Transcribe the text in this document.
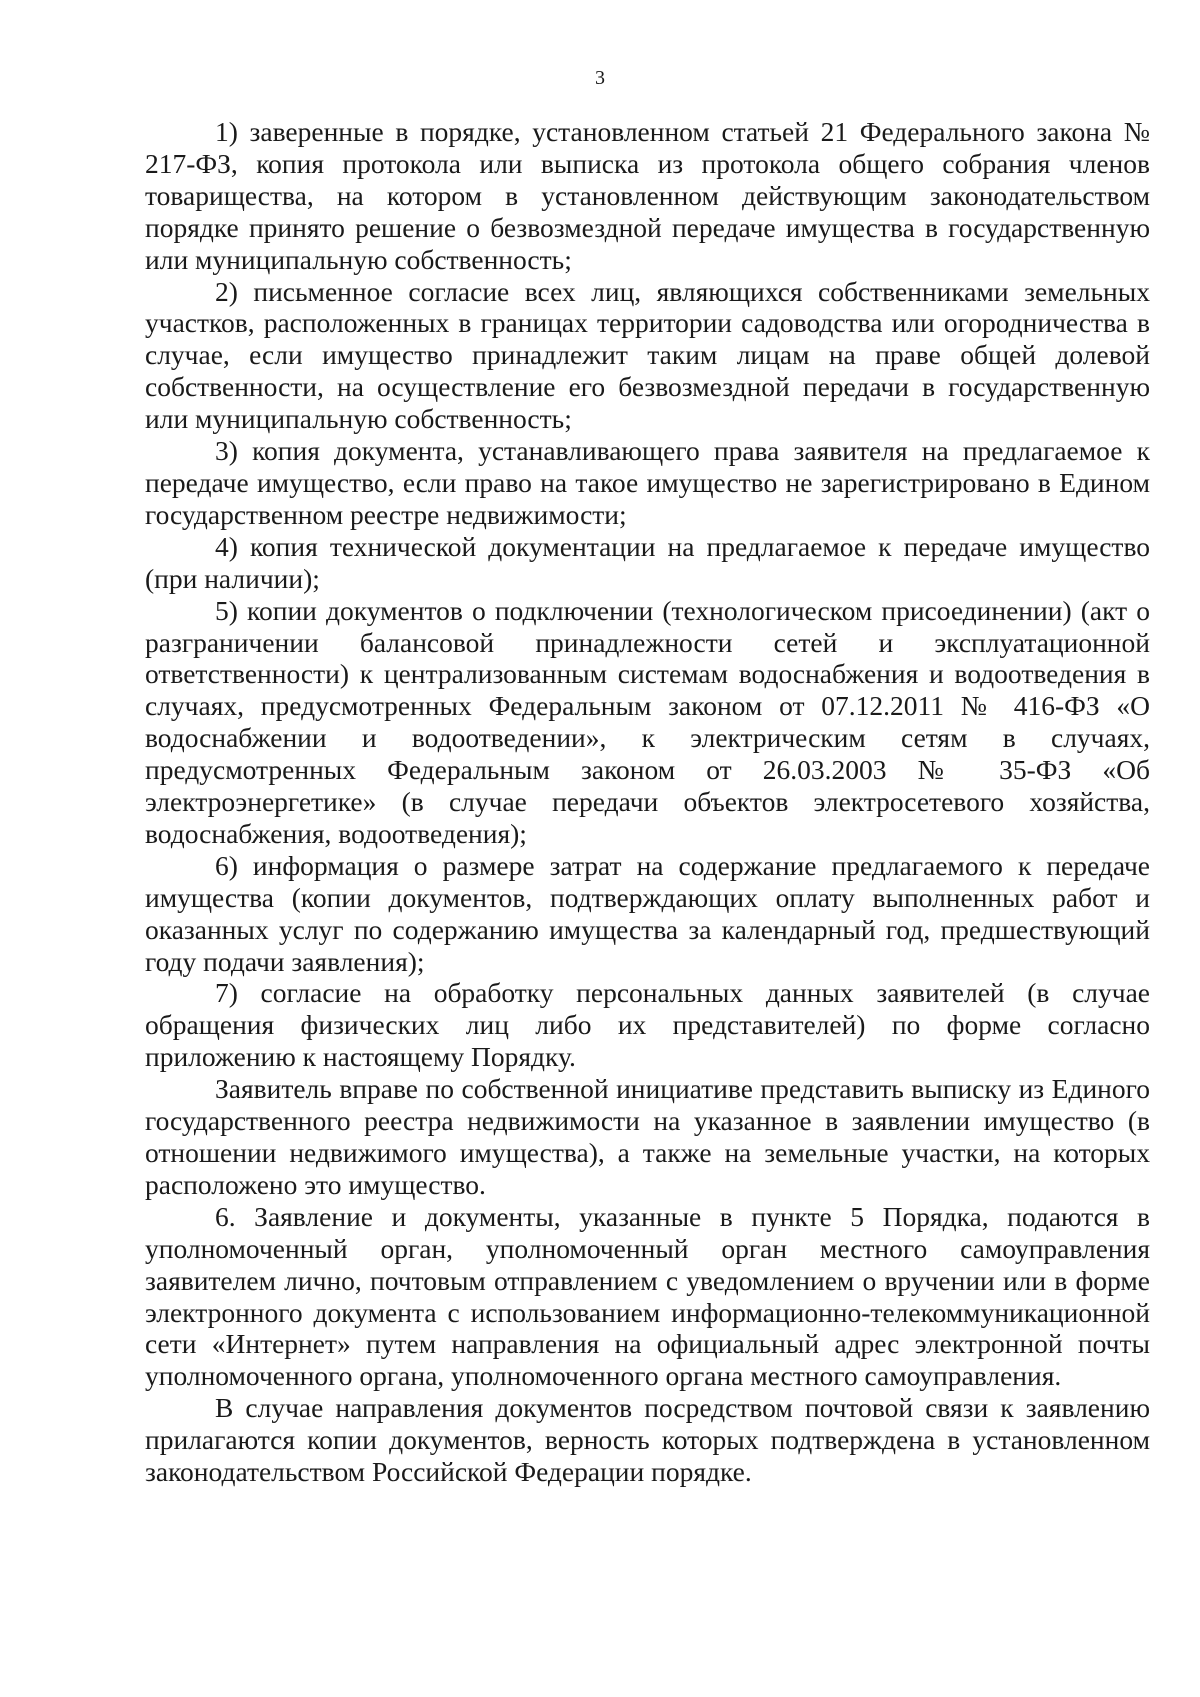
3

1) заверенные в порядке, установленном статьей 21 Федерального закона № 217-ФЗ, копия протокола или выписка из протокола общего собрания членов товарищества, на котором в установленном действующим законодательством порядке принято решение о безвозмездной передаче имущества в государственную или муниципальную собственность;

2) письменное согласие всех лиц, являющихся собственниками земельных участков, расположенных в границах территории садоводства или огородничества в случае, если имущество принадлежит таким лицам на праве общей долевой собственности, на осуществление его безвозмездной передачи в государственную или муниципальную собственность;

3) копия документа, устанавливающего права заявителя на предлагаемое к передаче имущество, если право на такое имущество не зарегистрировано в Едином государственном реестре недвижимости;

4) копия технической документации на предлагаемое к передаче имущество (при наличии);

5) копии документов о подключении (технологическом присоединении) (акт о разграничении балансовой принадлежности сетей и эксплуатационной ответственности) к централизованным системам водоснабжения и водоотведения в случаях, предусмотренных Федеральным законом от 07.12.2011 № 416-ФЗ «О водоснабжении и водоотведении», к электрическим сетям в случаях, предусмотренных Федеральным законом от 26.03.2003 № 35-ФЗ «Об электроэнергетике» (в случае передачи объектов электросетевого хозяйства, водоснабжения, водоотведения);

6) информация о размере затрат на содержание предлагаемого к передаче имущества (копии документов, подтверждающих оплату выполненных работ и оказанных услуг по содержанию имущества за календарный год, предшествующий году подачи заявления);

7) согласие на обработку персональных данных заявителей (в случае обращения физических лиц либо их представителей) по форме согласно приложению к настоящему Порядку.

Заявитель вправе по собственной инициативе представить выписку из Единого государственного реестра недвижимости на указанное в заявлении имущество (в отношении недвижимого имущества), а также на земельные участки, на которых расположено это имущество.

6. Заявление и документы, указанные в пункте 5 Порядка, подаются в уполномоченный орган, уполномоченный орган местного самоуправления заявителем лично, почтовым отправлением с уведомлением о вручении или в форме электронного документа с использованием информационно-телекоммуникационной сети «Интернет» путем направления на официальный адрес электронной почты уполномоченного органа, уполномоченного органа местного самоуправления.

В случае направления документов посредством почтовой связи к заявлению прилагаются копии документов, верность которых подтверждена в установленном законодательством Российской Федерации порядке.
